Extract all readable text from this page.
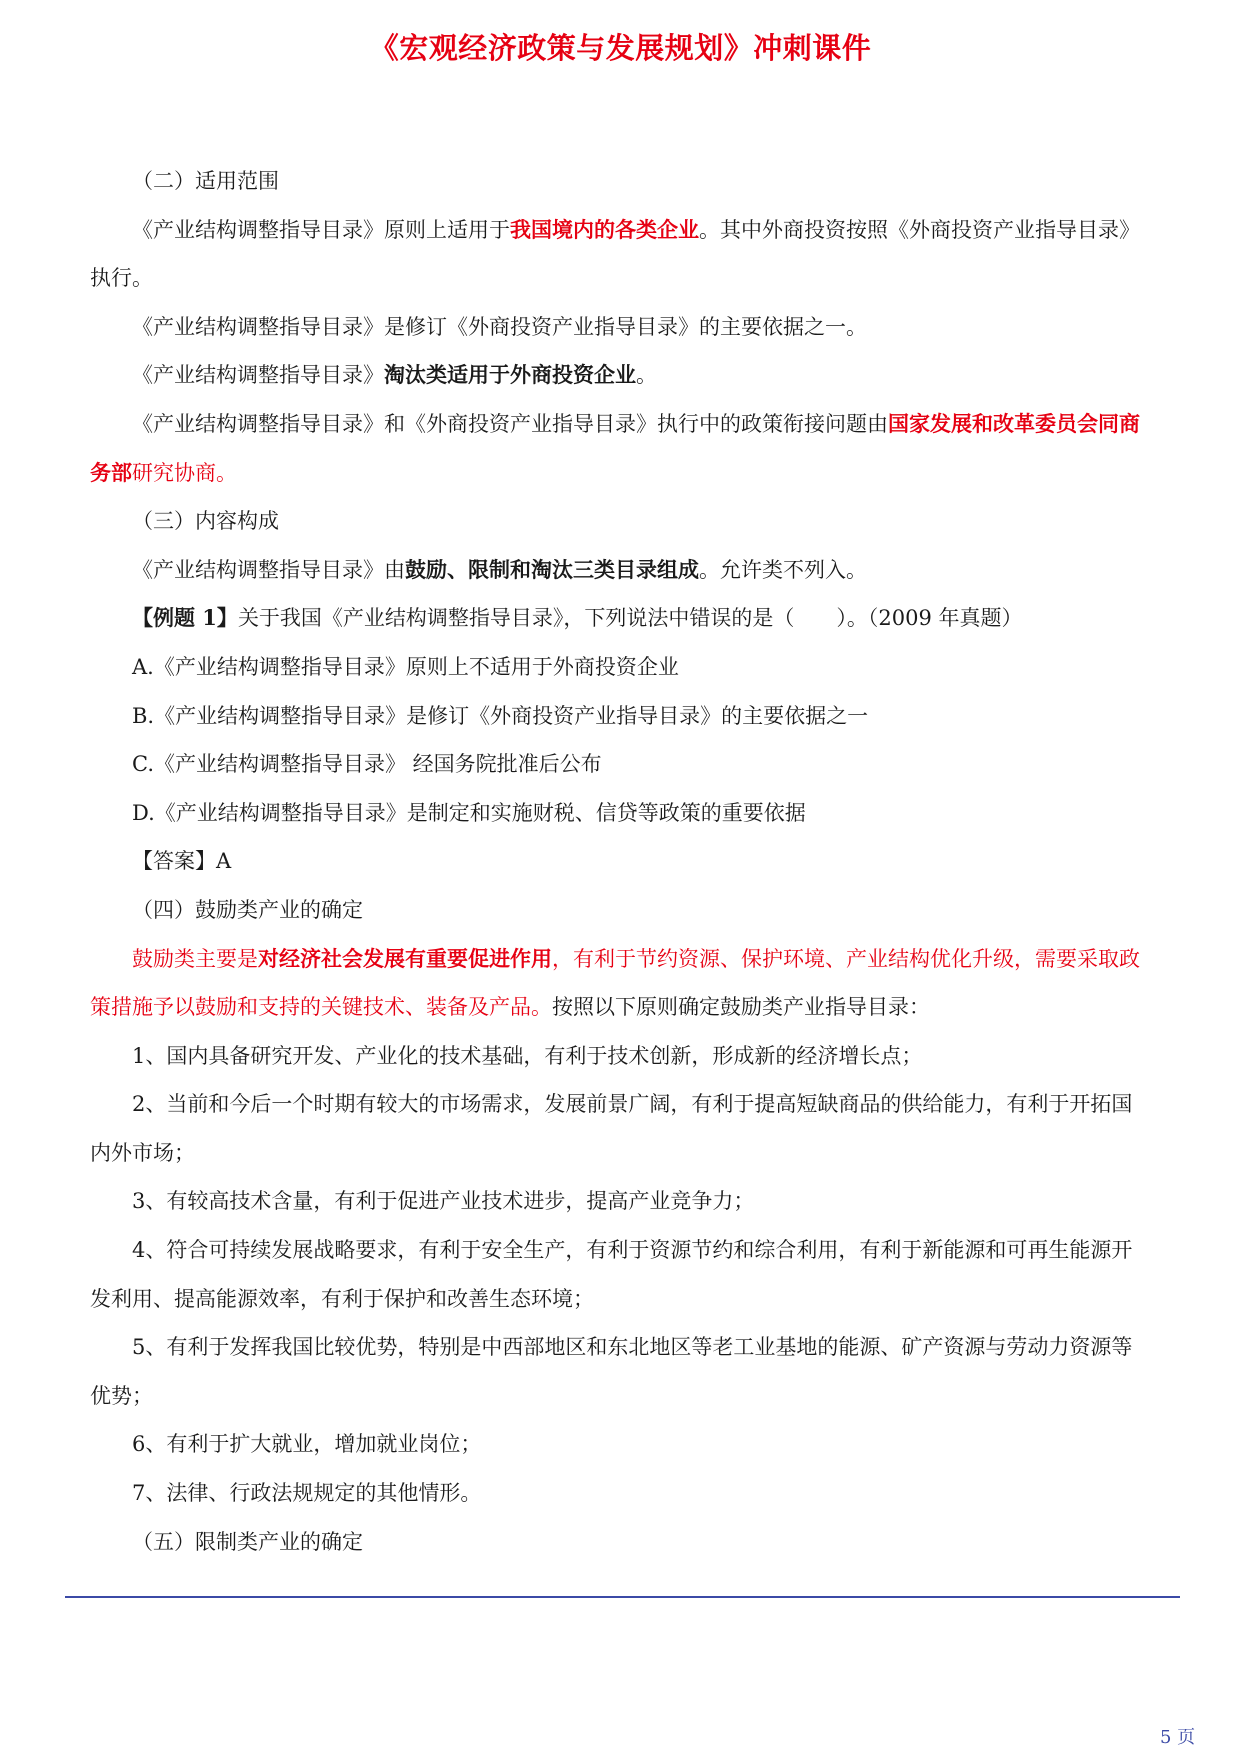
《宏观经济政策与发展规划》冲刺课件

（二）适用范围

《产业结构调整指导目录》原则上适用于我国境内的各类企业。其中外商投资按照《外商投资产业指导目录》执行。

《产业结构调整指导目录》是修订《外商投资产业指导目录》的主要依据之一。

《产业结构调整指导目录》淘汰类适用于外商投资企业。

《产业结构调整指导目录》和《外商投资产业指导目录》执行中的政策衔接问题由国家发展和改革委员会同商务部研究协商。

（三）内容构成

《产业结构调整指导目录》由鼓励、限制和淘汰三类目录组成。允许类不列入。

【例题 1】关于我国《产业结构调整指导目录》，下列说法中错误的是（　　）。（2009 年真题）

A.《产业结构调整指导目录》原则上不适用于外商投资企业

B.《产业结构调整指导目录》是修订《外商投资产业指导目录》的主要依据之一

C.《产业结构调整指导目录》 经国务院批准后公布

D.《产业结构调整指导目录》是制定和实施财税、信贷等政策的重要依据

【答案】A

（四）鼓励类产业的确定

鼓励类主要是对经济社会发展有重要促进作用，有利于节约资源、保护环境、产业结构优化升级，需要采取政策措施予以鼓励和支持的关键技术、装备及产品。按照以下原则确定鼓励类产业指导目录：

1、国内具备研究开发、产业化的技术基础，有利于技术创新，形成新的经济增长点；

2、当前和今后一个时期有较大的市场需求，发展前景广阔，有利于提高短缺商品的供给能力，有利于开拓国内外市场；

3、有较高技术含量，有利于促进产业技术进步，提高产业竞争力；

4、符合可持续发展战略要求，有利于安全生产，有利于资源节约和综合利用，有利于新能源和可再生能源开发利用、提高能源效率，有利于保护和改善生态环境；

5、有利于发挥我国比较优势，特别是中西部地区和东北地区等老工业基地的能源、矿产资源与劳动力资源等优势；

6、有利于扩大就业，增加就业岗位；

7、法律、行政法规规定的其他情形。

（五）限制类产业的确定

5 页
